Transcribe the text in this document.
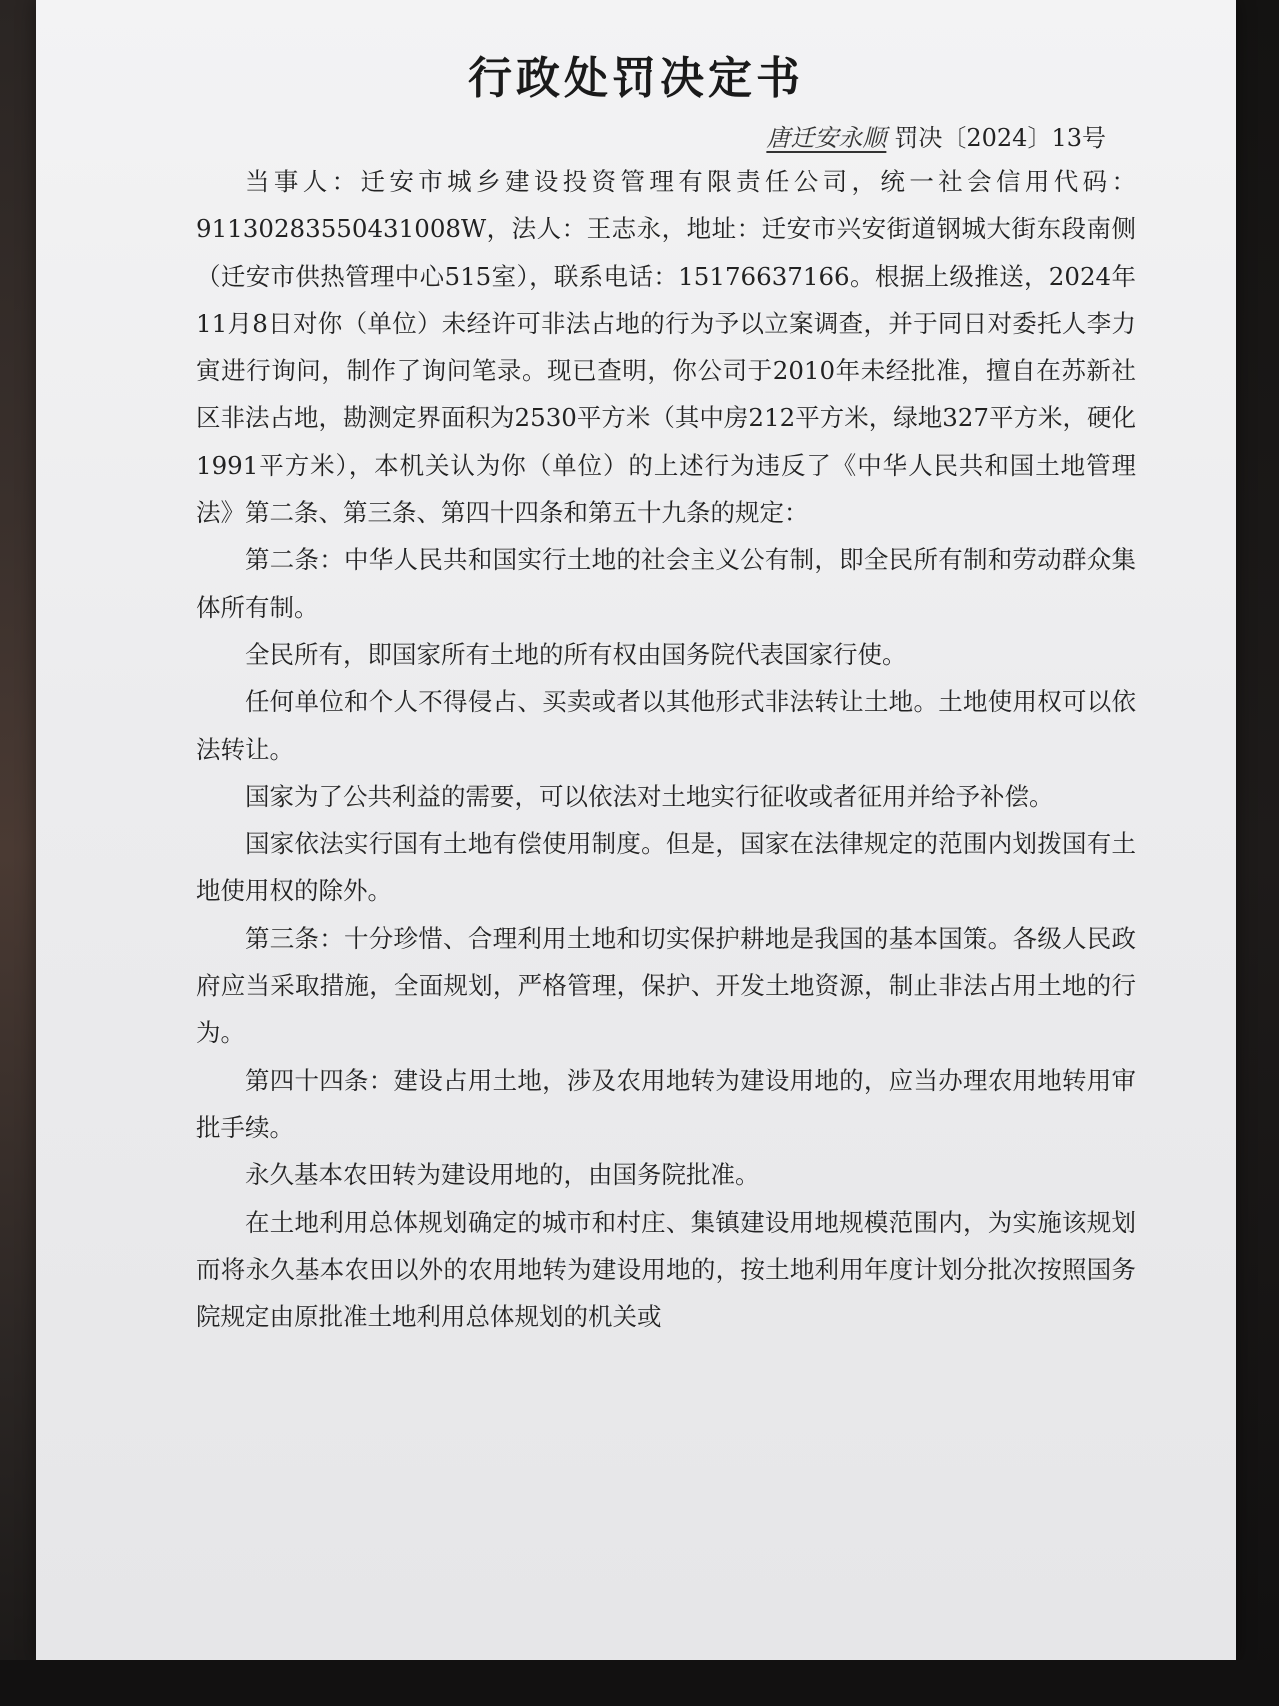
行政处罚决定书
唐迁安永顺 罚决〔2024〕13号

当事人：迁安市城乡建设投资管理有限责任公司，统一社会信用代码：91130283550431008W，法人：王志永，地址：迁安市兴安街道钢城大街东段南侧（迁安市供热管理中心515室），联系电话：15176637166。根据上级推送，2024年11月8日对你（单位）未经许可非法占地的行为予以立案调查，并于同日对委托人李力寅进行询问，制作了询问笔录。现已查明，你公司于2010年未经批准，擅自在苏新社区非法占地，勘测定界面积为2530平方米（其中房212平方米，绿地327平方米，硬化1991平方米），本机关认为你（单位）的上述行为违反了《中华人民共和国土地管理法》第二条、第三条、第四十四条和第五十九条的规定：

第二条：中华人民共和国实行土地的社会主义公有制，即全民所有制和劳动群众集体所有制。

全民所有，即国家所有土地的所有权由国务院代表国家行使。

任何单位和个人不得侵占、买卖或者以其他形式非法转让土地。土地使用权可以依法转让。

国家为了公共利益的需要，可以依法对土地实行征收或者征用并给予补偿。

国家依法实行国有土地有偿使用制度。但是，国家在法律规定的范围内划拨国有土地使用权的除外。

第三条：十分珍惜、合理利用土地和切实保护耕地是我国的基本国策。各级人民政府应当采取措施，全面规划，严格管理，保护、开发土地资源，制止非法占用土地的行为。

第四十四条：建设占用土地，涉及农用地转为建设用地的，应当办理农用地转用审批手续。

永久基本农田转为建设用地的，由国务院批准。

在土地利用总体规划确定的城市和村庄、集镇建设用地规模范围内，为实施该规划而将永久基本农田以外的农用地转为建设用地的，按土地利用年度计划分批次按照国务院规定由原批准土地利用总体规划的机关或
